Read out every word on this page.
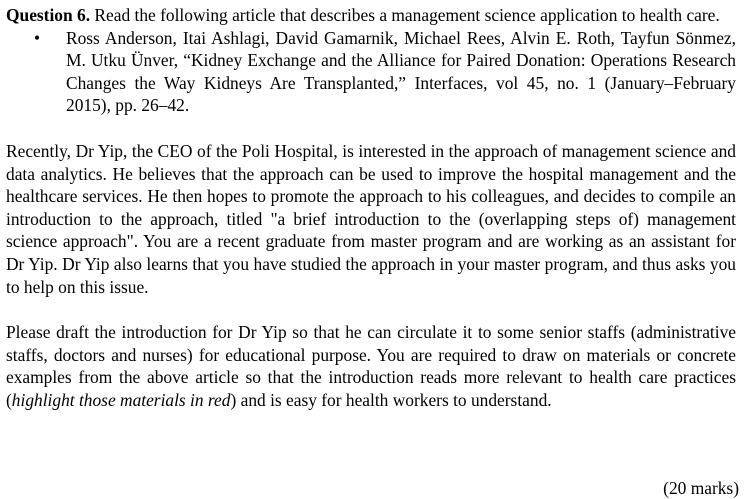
Question 6. Read the following article that describes a management science application to health care.

• Ross Anderson, Itai Ashlagi, David Gamarnik, Michael Rees, Alvin E. Roth, Tayfun Sönmez, M. Utku Ünver, “Kidney Exchange and the Alliance for Paired Donation: Operations Research Changes the Way Kidneys Are Transplanted,” Interfaces, vol 45, no. 1 (January–February 2015), pp. 26–42.

Recently, Dr Yip, the CEO of the Poli Hospital, is interested in the approach of management science and data analytics. He believes that the approach can be used to improve the hospital management and the healthcare services. He then hopes to promote the approach to his colleagues, and decides to compile an introduction to the approach, titled "a brief introduction to the (overlapping steps of) management science approach". You are a recent graduate from master program and are working as an assistant for Dr Yip. Dr Yip also learns that you have studied the approach in your master program, and thus asks you to help on this issue.

Please draft the introduction for Dr Yip so that he can circulate it to some senior staffs (administrative staffs, doctors and nurses) for educational purpose. You are required to draw on materials or concrete examples from the above article so that the introduction reads more relevant to health care practices (highlight those materials in red) and is easy for health workers to understand.

(20 marks)
